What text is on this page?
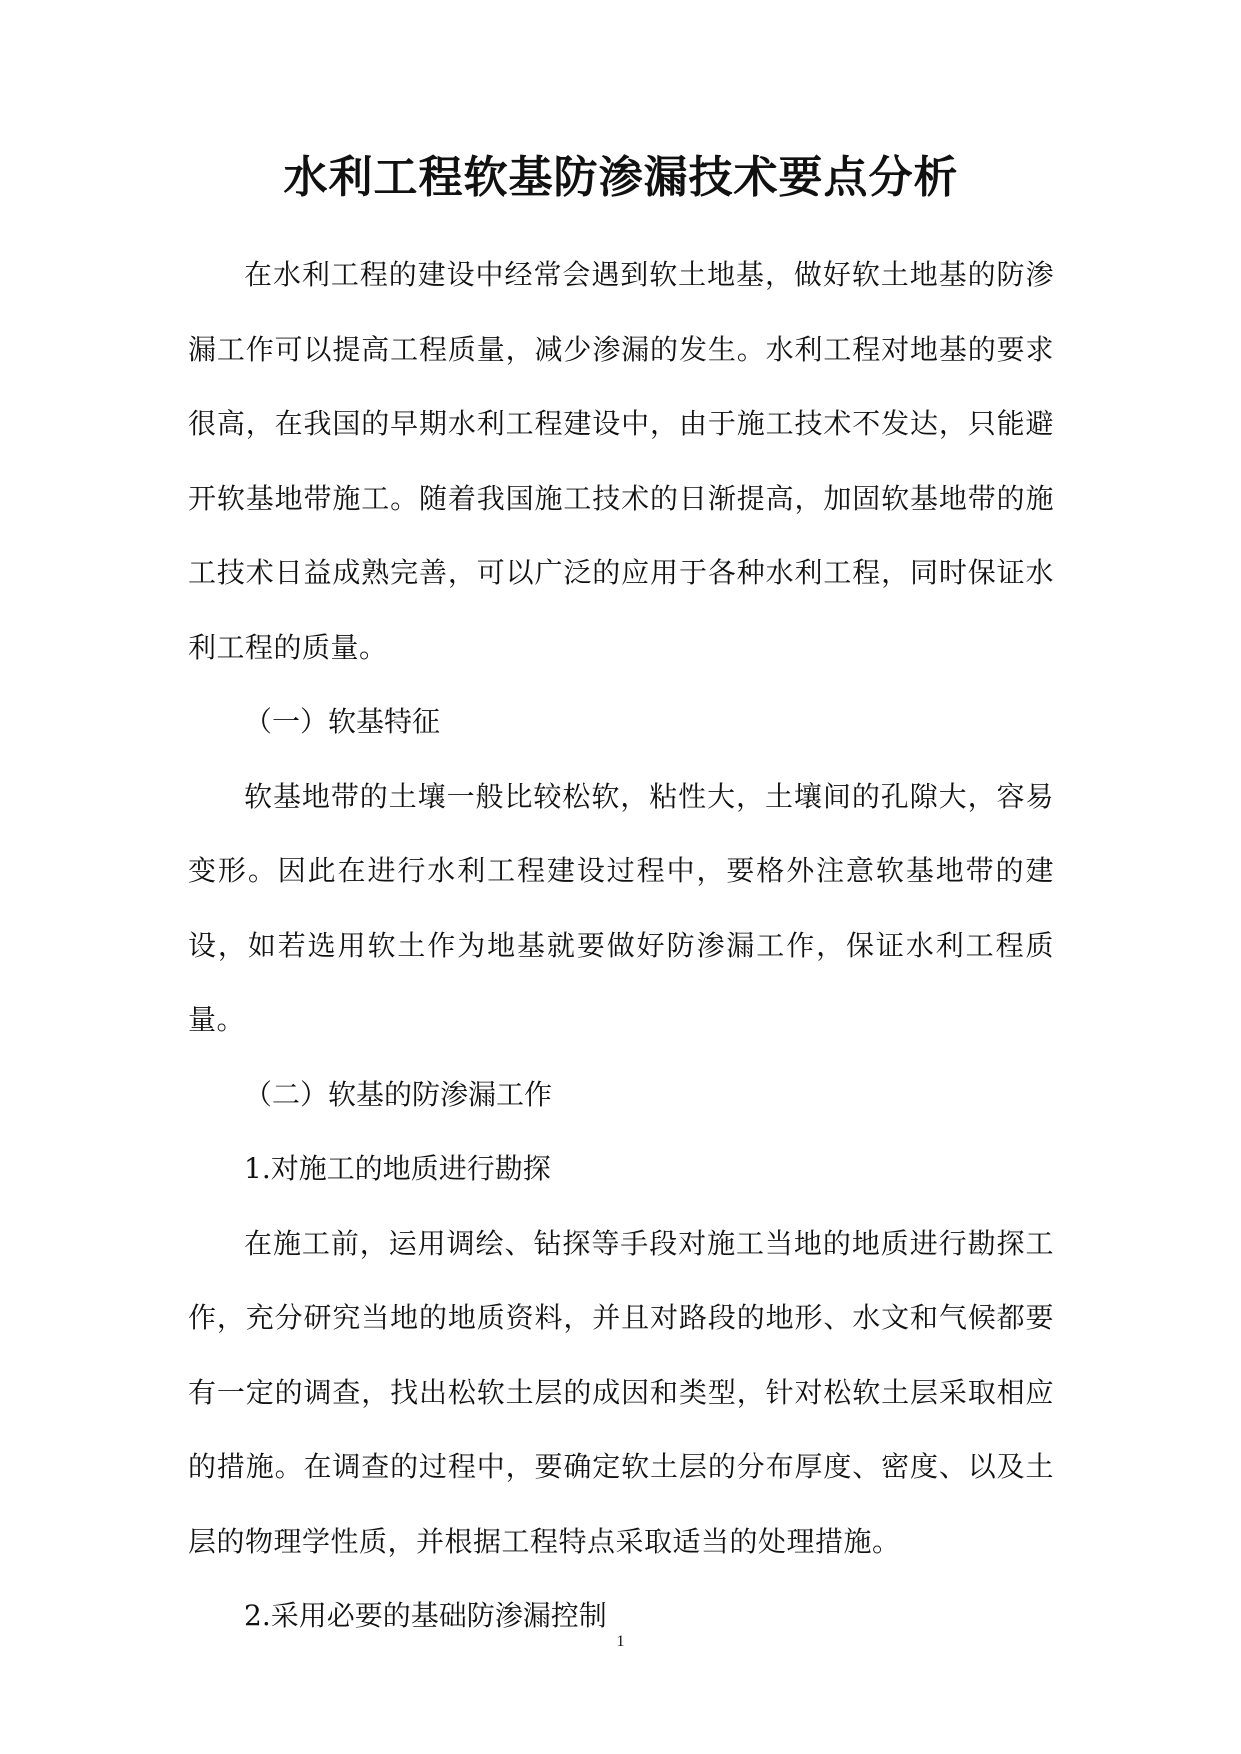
水利工程软基防渗漏技术要点分析

在水利工程的建设中经常会遇到软土地基，做好软土地基的防渗漏工作可以提高工程质量，减少渗漏的发生。水利工程对地基的要求很高，在我国的早期水利工程建设中，由于施工技术不发达，只能避开软基地带施工。随着我国施工技术的日渐提高，加固软基地带的施工技术日益成熟完善，可以广泛的应用于各种水利工程，同时保证水利工程的质量。

（一）软基特征

软基地带的土壤一般比较松软，粘性大，土壤间的孔隙大，容易变形。因此在进行水利工程建设过程中，要格外注意软基地带的建设，如若选用软土作为地基就要做好防渗漏工作，保证水利工程质量。

（二）软基的防渗漏工作

1.对施工的地质进行勘探

在施工前，运用调绘、钻探等手段对施工当地的地质进行勘探工作，充分研究当地的地质资料，并且对路段的地形、水文和气候都要有一定的调查，找出松软土层的成因和类型，针对松软土层采取相应的措施。在调查的过程中，要确定软土层的分布厚度、密度、以及土层的物理学性质，并根据工程特点采取适当的处理措施。

2.采用必要的基础防渗漏控制

1
